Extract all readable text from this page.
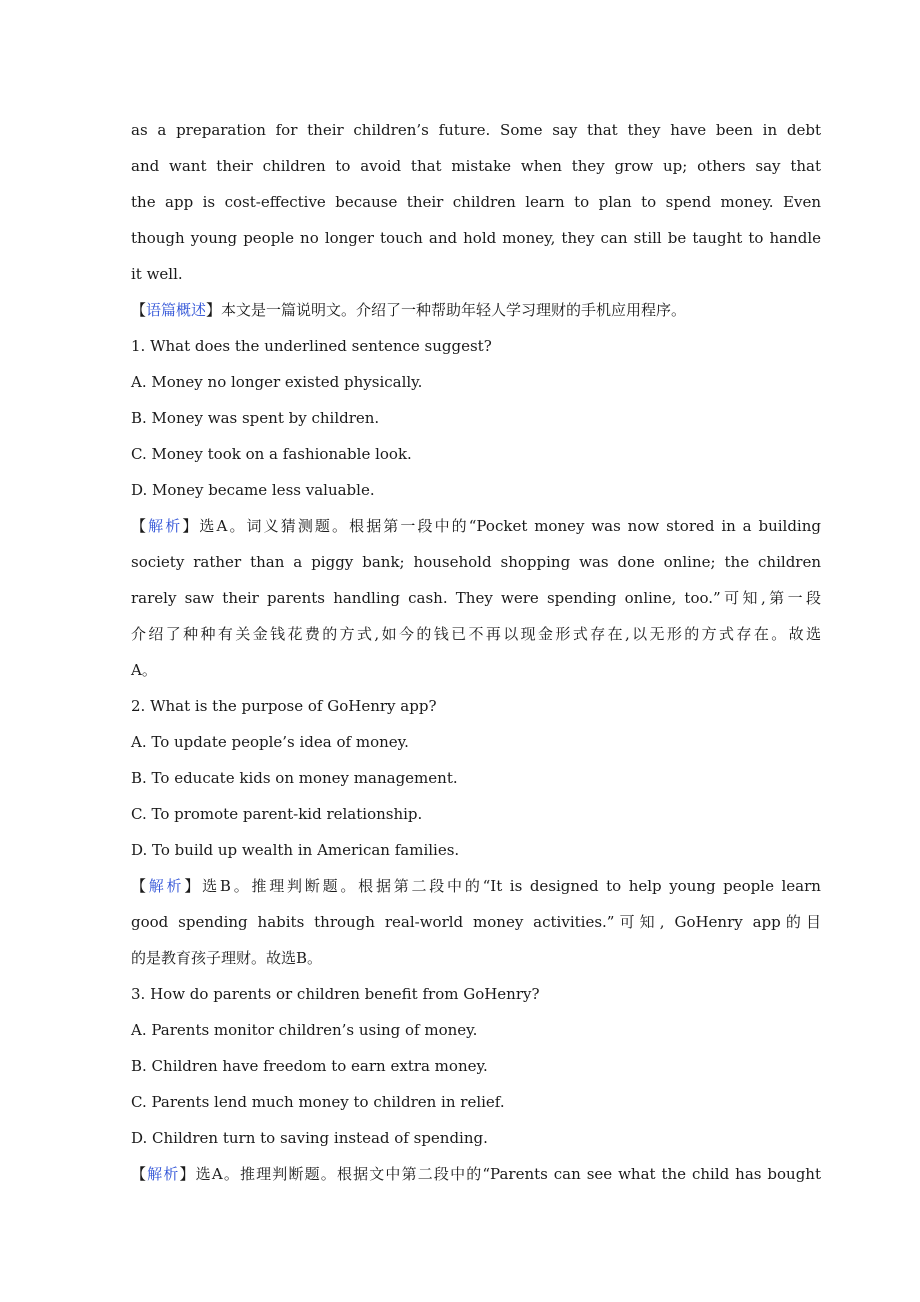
as a preparation for their children’s future. Some say that they have been in debt
and want their children to avoid that mistake when they grow up; others say that
the app is cost-effective because their children learn to plan to spend money. Even
though young people no longer touch and hold money, they can still be taught to handle
it well.
【语篇概述】本文是一篇说明文。介绍了一种帮助年轻人学习理财的手机应用程序。
1. What does the underlined sentence suggest?
A. Money no longer existed physically.
B. Money was spent by children.
C. Money took on a fashionable look.
D. Money became less valuable.
【解析】选A。词义猜测题。根据第一段中的“Pocket money was now stored in a building
society rather than a piggy bank; household shopping was done online; the children
rarely saw their parents handling cash. They were spending online, too.”可知,第一段
介绍了种种有关金钱花费的方式,如今的钱已不再以现金形式存在,以无形的方式存在。故选
A。
2. What is the purpose of GoHenry app?
A. To update people’s idea of money.
B. To educate kids on money management.
C. To promote parent-kid relationship.
D. To build up wealth in American families.
【解析】选B。推理判断题。根据第二段中的“It is designed to help young people learn
good spending habits through real-world money activities.”可知, GoHenry app的目
的是教育孩子理财。故选B。
3. How do parents or children benefit from GoHenry?
A. Parents monitor children’s using of money.
B. Children have freedom to earn extra money.
C. Parents lend much money to children in relief.
D. Children turn to saving instead of spending.
【解析】选A。推理判断题。根据文中第二段中的“Parents can see what the child has bought
